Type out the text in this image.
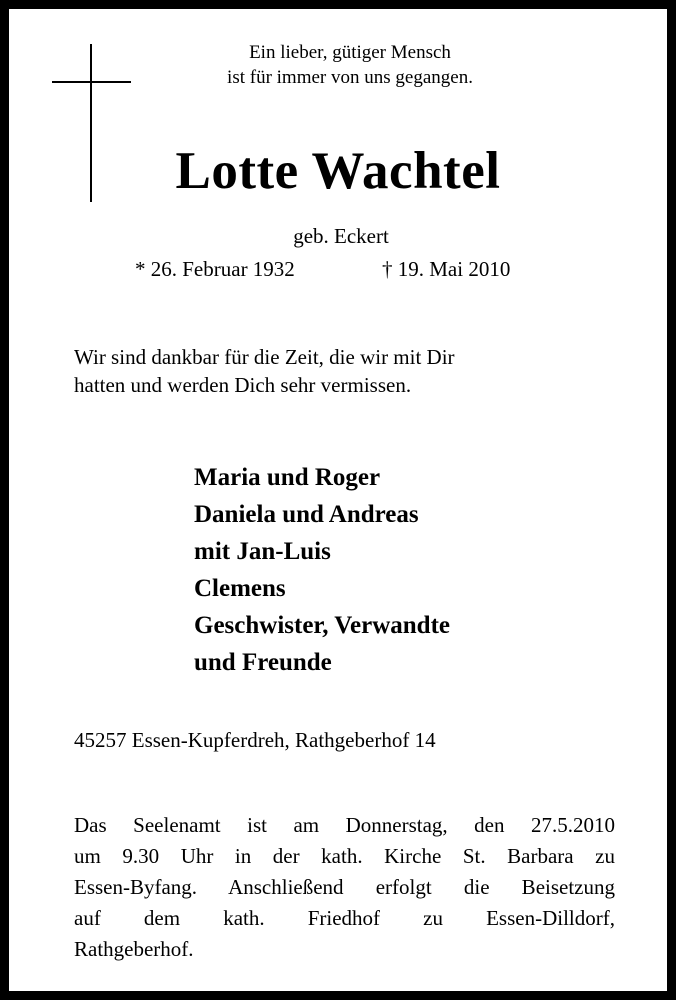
Ein lieber, gütiger Mensch
ist für immer von uns gegangen.
Lotte Wachtel
geb. Eckert
* 26. Februar 1932	† 19. Mai 2010
Wir sind dankbar für die Zeit, die wir mit Dir
hatten und werden Dich sehr vermissen.
Maria und Roger
Daniela und Andreas
mit Jan-Luis
Clemens
Geschwister, Verwandte
und Freunde
45257 Essen-Kupferdreh, Rathgeberhof 14
Das Seelenamt ist am Donnerstag, den 27.5.2010
um 9.30 Uhr in der kath. Kirche St. Barbara zu
Essen-Byfang. Anschließend erfolgt die Beisetzung
auf dem kath. Friedhof zu Essen-Dilldorf,
Rathgeberhof.
